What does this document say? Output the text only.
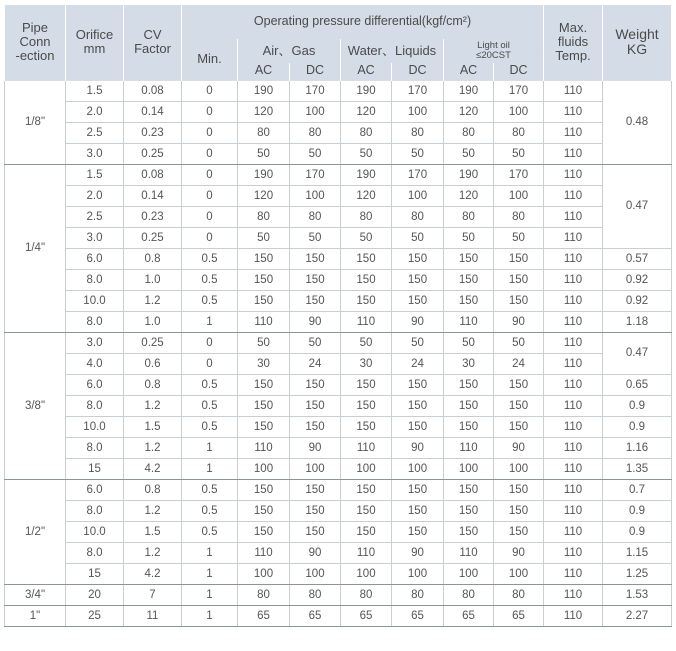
Pipe
Conn
-ection	Orifice
mm	CV
Factor	Operating pressure differential(kgf/cm²)							Max.
fluids
Temp.	Weight
KG
			Min.	Air、Gas		Water、Liquids		Light oil
≤20CST			
				AC	DC	AC	DC	AC	DC		
1/8"	1.5	0.08	0	190	170	190	170	190	170	110	0.48
	2.0	0.14	0	120	100	120	100	120	100	110	
	2.5	0.23	0	80	80	80	80	80	80	110	
	3.0	0.25	0	50	50	50	50	50	50	110	
1/4"	1.5	0.08	0	190	170	190	170	190	170	110	0.47
	2.0	0.14	0	120	100	120	100	120	100	110	
	2.5	0.23	0	80	80	80	80	80	80	110	
	3.0	0.25	0	50	50	50	50	50	50	110	
	6.0	0.8	0.5	150	150	150	150	150	150	110	0.57
	8.0	1.0	0.5	150	150	150	150	150	150	110	0.92
	10.0	1.2	0.5	150	150	150	150	150	150	110	0.92
	8.0	1.0	1	110	90	110	90	110	90	110	1.18
3/8"	3.0	0.25	0	50	50	50	50	50	50	110	0.47
	4.0	0.6	0	30	24	30	24	30	24	110	
	6.0	0.8	0.5	150	150	150	150	150	150	110	0.65
	8.0	1.2	0.5	150	150	150	150	150	150	110	0.9
	10.0	1.5	0.5	150	150	150	150	150	150	110	0.9
	8.0	1.2	1	110	90	110	90	110	90	110	1.16
	15	4.2	1	100	100	100	100	100	100	110	1.35
1/2"	6.0	0.8	0.5	150	150	150	150	150	150	110	0.7
	8.0	1.2	0.5	150	150	150	150	150	150	110	0.9
	10.0	1.5	0.5	150	150	150	150	150	150	110	0.9
	8.0	1.2	1	110	90	110	90	110	90	110	1.15
	15	4.2	1	100	100	100	100	100	100	110	1.25
3/4"	20	7	1	80	80	80	80	80	80	110	1.53
1"	25	11	1	65	65	65	65	65	65	110	2.27
